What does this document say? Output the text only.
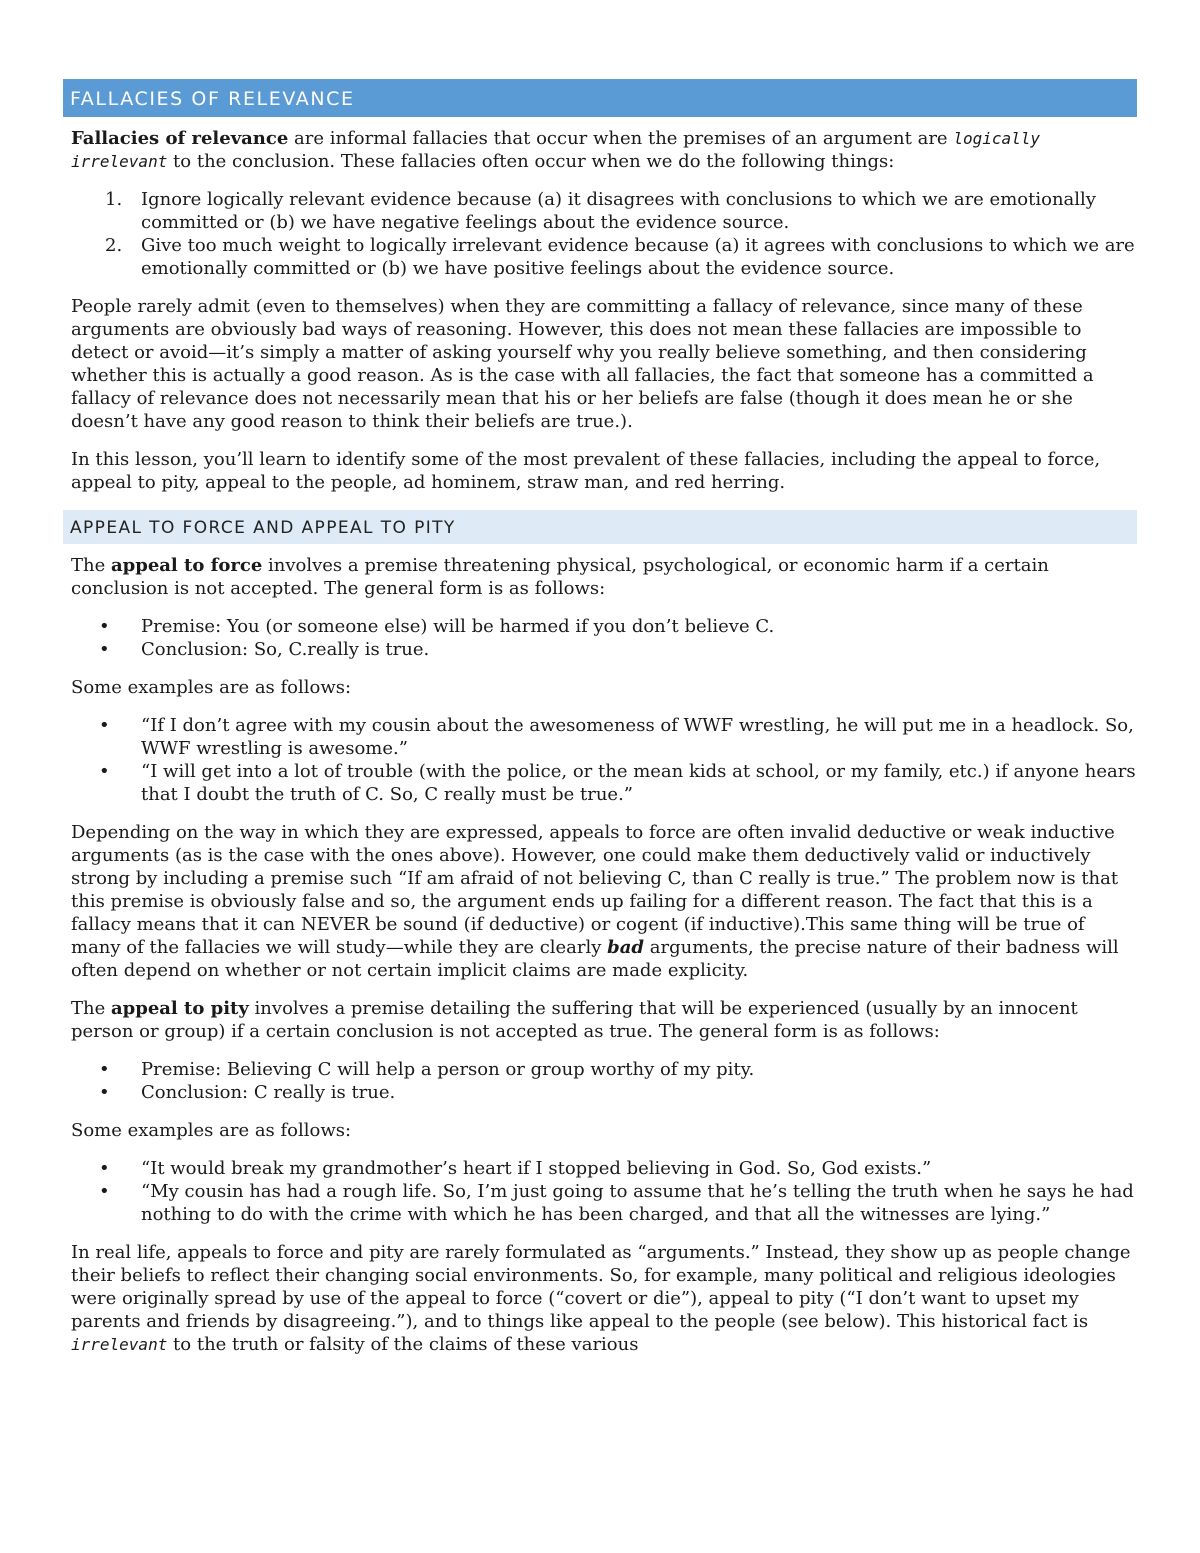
FALLACIES OF RELEVANCE

Fallacies of relevance are informal fallacies that occur when the premises of an argument are logically irrelevant to the conclusion. These fallacies often occur when we do the following things:

1. Ignore logically relevant evidence because (a) it disagrees with conclusions to which we are emotionally committed or (b) we have negative feelings about the evidence source.
2. Give too much weight to logically irrelevant evidence because (a) it agrees with conclusions to which we are emotionally committed or (b) we have positive feelings about the evidence source.

People rarely admit (even to themselves) when they are committing a fallacy of relevance, since many of these arguments are obviously bad ways of reasoning. However, this does not mean these fallacies are impossible to detect or avoid—it’s simply a matter of asking yourself why you really believe something, and then considering whether this is actually a good reason. As is the case with all fallacies, the fact that someone has a committed a fallacy of relevance does not necessarily mean that his or her beliefs are false (though it does mean he or she doesn’t have any good reason to think their beliefs are true.).

In this lesson, you’ll learn to identify some of the most prevalent of these fallacies, including the appeal to force, appeal to pity, appeal to the people, ad hominem, straw man, and red herring.

APPEAL TO FORCE AND APPEAL TO PITY

The appeal to force involves a premise threatening physical, psychological, or economic harm if a certain conclusion is not accepted. The general form is as follows:

• Premise: You (or someone else) will be harmed if you don’t believe C.
• Conclusion: So, C.really is true.

Some examples are as follows:

• “If I don’t agree with my cousin about the awesomeness of WWF wrestling, he will put me in a headlock. So, WWF wrestling is awesome.”
• “I will get into a lot of trouble (with the police, or the mean kids at school, or my family, etc.) if anyone hears that I doubt the truth of C. So, C really must be true.”

Depending on the way in which they are expressed, appeals to force are often invalid deductive or weak inductive arguments (as is the case with the ones above). However, one could make them deductively valid or inductively strong by including a premise such “If am afraid of not believing C, than C really is true.” The problem now is that this premise is obviously false and so, the argument ends up failing for a different reason. The fact that this is a fallacy means that it can NEVER be sound (if deductive) or cogent (if inductive).This same thing will be true of many of the fallacies we will study—while they are clearly bad arguments, the precise nature of their badness will often depend on whether or not certain implicit claims are made explicity.

The appeal to pity involves a premise detailing the suffering that will be experienced (usually by an innocent person or group) if a certain conclusion is not accepted as true. The general form is as follows:

• Premise: Believing C will help a person or group worthy of my pity.
• Conclusion: C really is true.

Some examples are as follows:

• “It would break my grandmother’s heart if I stopped believing in God. So, God exists.”
• “My cousin has had a rough life. So, I’m just going to assume that he’s telling the truth when he says he had nothing to do with the crime with which he has been charged, and that all the witnesses are lying.”

In real life, appeals to force and pity are rarely formulated as “arguments.” Instead, they show up as people change their beliefs to reflect their changing social environments. So, for example, many political and religious ideologies were originally spread by use of the appeal to force (“covert or die”), appeal to pity (“I don’t want to upset my parents and friends by disagreeing.”), and to things like appeal to the people (see below). This historical fact is irrelevant to the truth or falsity of the claims of these various
